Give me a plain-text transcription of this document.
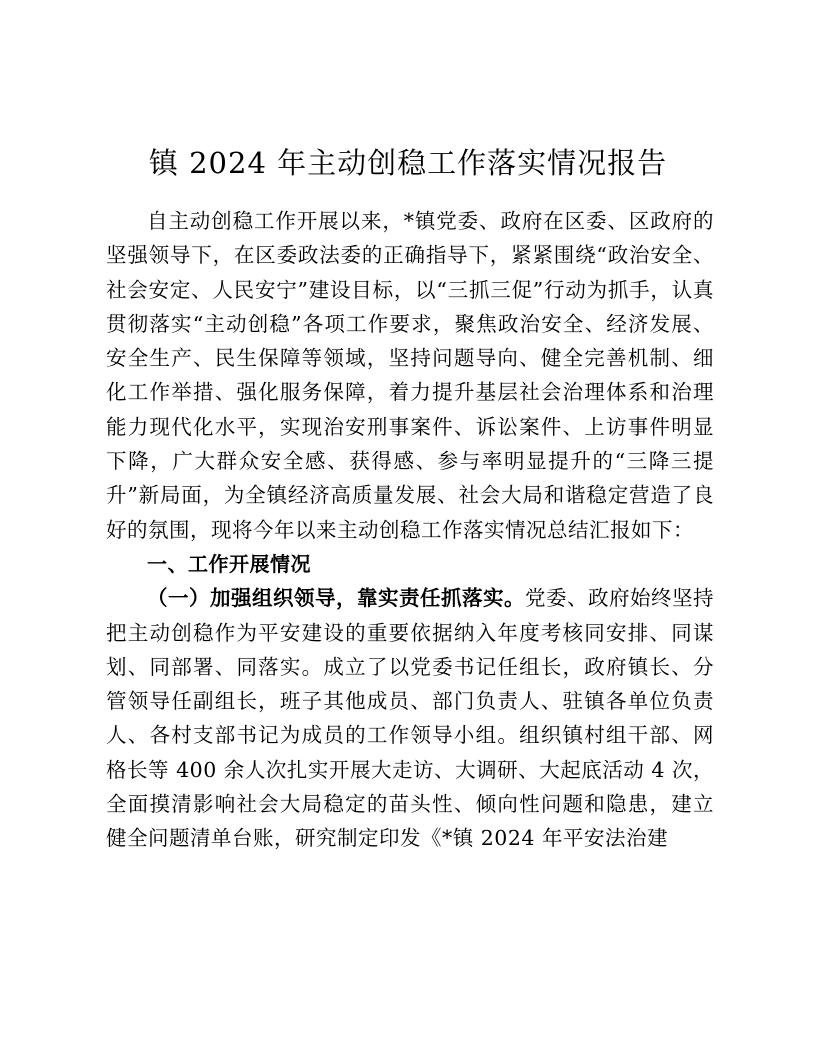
镇 2024 年主动创稳工作落实情况报告

自主动创稳工作开展以来，*镇党委、政府在区委、区政府的坚强领导下，在区委政法委的正确指导下，紧紧围绕“政治安全、社会安定、人民安宁”建设目标，以“三抓三促”行动为抓手，认真贯彻落实“主动创稳”各项工作要求，聚焦政治安全、经济发展、安全生产、民生保障等领域，坚持问题导向、健全完善机制、细化工作举措、强化服务保障，着力提升基层社会治理体系和治理能力现代化水平，实现治安刑事案件、诉讼案件、上访事件明显下降，广大群众安全感、获得感、参与率明显提升的“三降三提升”新局面，为全镇经济高质量发展、社会大局和谐稳定营造了良好的氛围，现将今年以来主动创稳工作落实情况总结汇报如下：

一、工作开展情况

（一）加强组织领导，靠实责任抓落实。党委、政府始终坚持把主动创稳作为平安建设的重要依据纳入年度考核同安排、同谋划、同部署、同落实。成立了以党委书记任组长，政府镇长、分管领导任副组长，班子其他成员、部门负责人、驻镇各单位负责人、各村支部书记为成员的工作领导小组。组织镇村组干部、网格长等 400 余人次扎实开展大走访、大调研、大起底活动 4 次，全面摸清影响社会大局稳定的苗头性、倾向性问题和隐患，建立健全问题清单台账，研究制定印发《*镇 2024 年平安法治建
